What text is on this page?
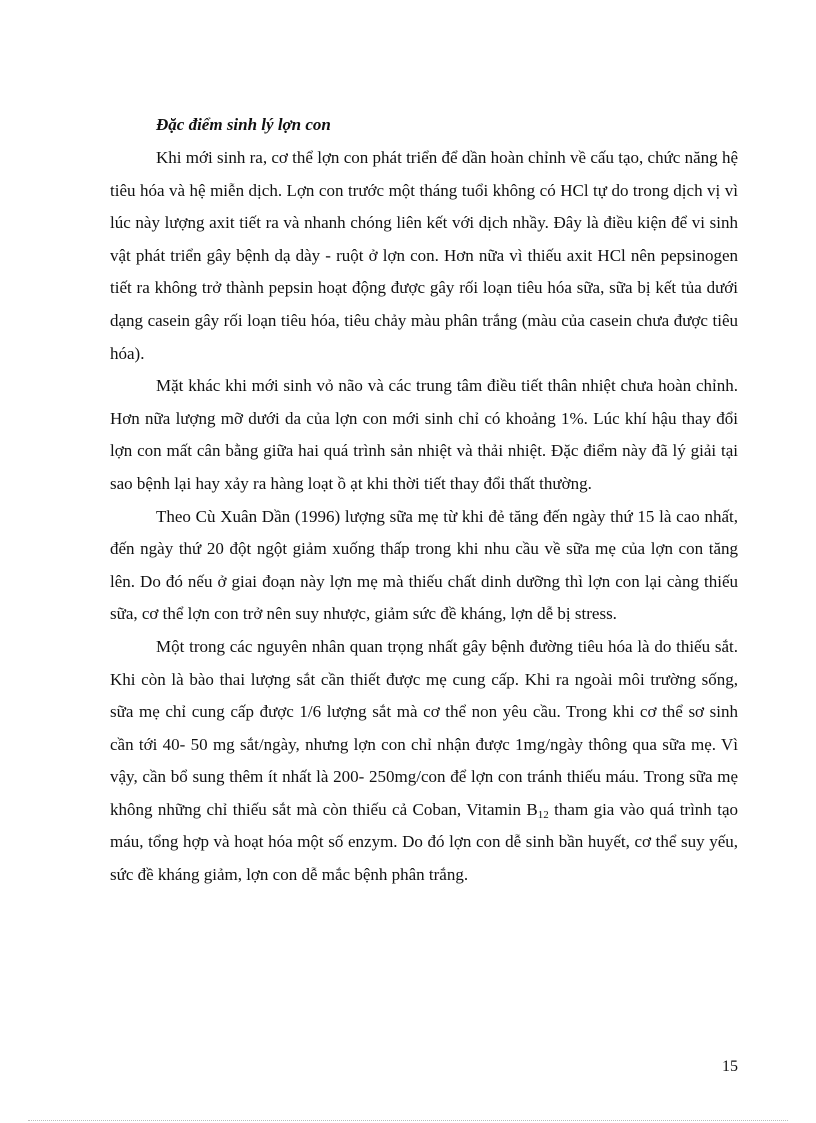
Đặc điểm sinh lý lợn con

Khi mới sinh ra, cơ thể lợn con phát triển để dần hoàn chỉnh về cấu tạo, chức năng hệ tiêu hóa và hệ miễn dịch. Lợn con trước một tháng tuổi không có HCl tự do trong dịch vị vì lúc này lượng axit tiết ra và nhanh chóng liên kết với dịch nhầy. Đây là điều kiện để vi sinh vật phát triển gây bệnh dạ dày - ruột ở lợn con. Hơn nữa vì thiếu axit HCl nên pepsinogen tiết ra không trở thành pepsin hoạt động được gây rối loạn tiêu hóa sữa, sữa bị kết tủa dưới dạng casein gây rối loạn tiêu hóa, tiêu chảy màu phân trắng (màu của casein chưa được tiêu hóa).

Mặt khác khi mới sinh vỏ não và các trung tâm điều tiết thân nhiệt chưa hoàn chỉnh. Hơn nữa lượng mỡ dưới da của lợn con mới sinh chỉ có khoảng 1%. Lúc khí hậu thay đổi lợn con mất cân bằng giữa hai quá trình sản nhiệt và thải nhiệt. Đặc điểm này đã lý giải tại sao bệnh lại hay xảy ra hàng loạt ồ ạt khi thời tiết thay đổi thất thường.

Theo Cù Xuân Dần (1996) lượng sữa mẹ từ khi đẻ tăng đến ngày thứ 15 là cao nhất, đến ngày thứ 20 đột ngột giảm xuống thấp trong khi nhu cầu về sữa mẹ của lợn con tăng lên. Do đó nếu ở giai đoạn này lợn mẹ mà thiếu chất dinh dưỡng thì lợn con lại càng thiếu sữa, cơ thể lợn con trở nên suy nhược, giảm sức đề kháng, lợn dễ bị stress.

Một trong các nguyên nhân quan trọng nhất gây bệnh đường tiêu hóa là do thiếu sắt. Khi còn là bào thai lượng sắt cần thiết được mẹ cung cấp. Khi ra ngoài môi trường sống, sữa mẹ chỉ cung cấp được 1/6 lượng sắt mà cơ thể non yêu cầu. Trong khi cơ thể sơ sinh cần tới 40- 50 mg sắt/ngày, nhưng lợn con chỉ nhận được 1mg/ngày thông qua sữa mẹ. Vì vậy, cần bổ sung thêm ít nhất là 200- 250mg/con để lợn con tránh thiếu máu. Trong sữa mẹ không những chỉ thiếu sắt mà còn thiếu cả Coban, Vitamin $B_{12}$ tham gia vào quá trình tạo máu, tổng hợp và hoạt hóa một số enzym. Do đó lợn con dễ sinh bần huyết, cơ thể suy yếu, sức đề kháng giảm, lợn con dễ mắc bệnh phân trắng.

15
